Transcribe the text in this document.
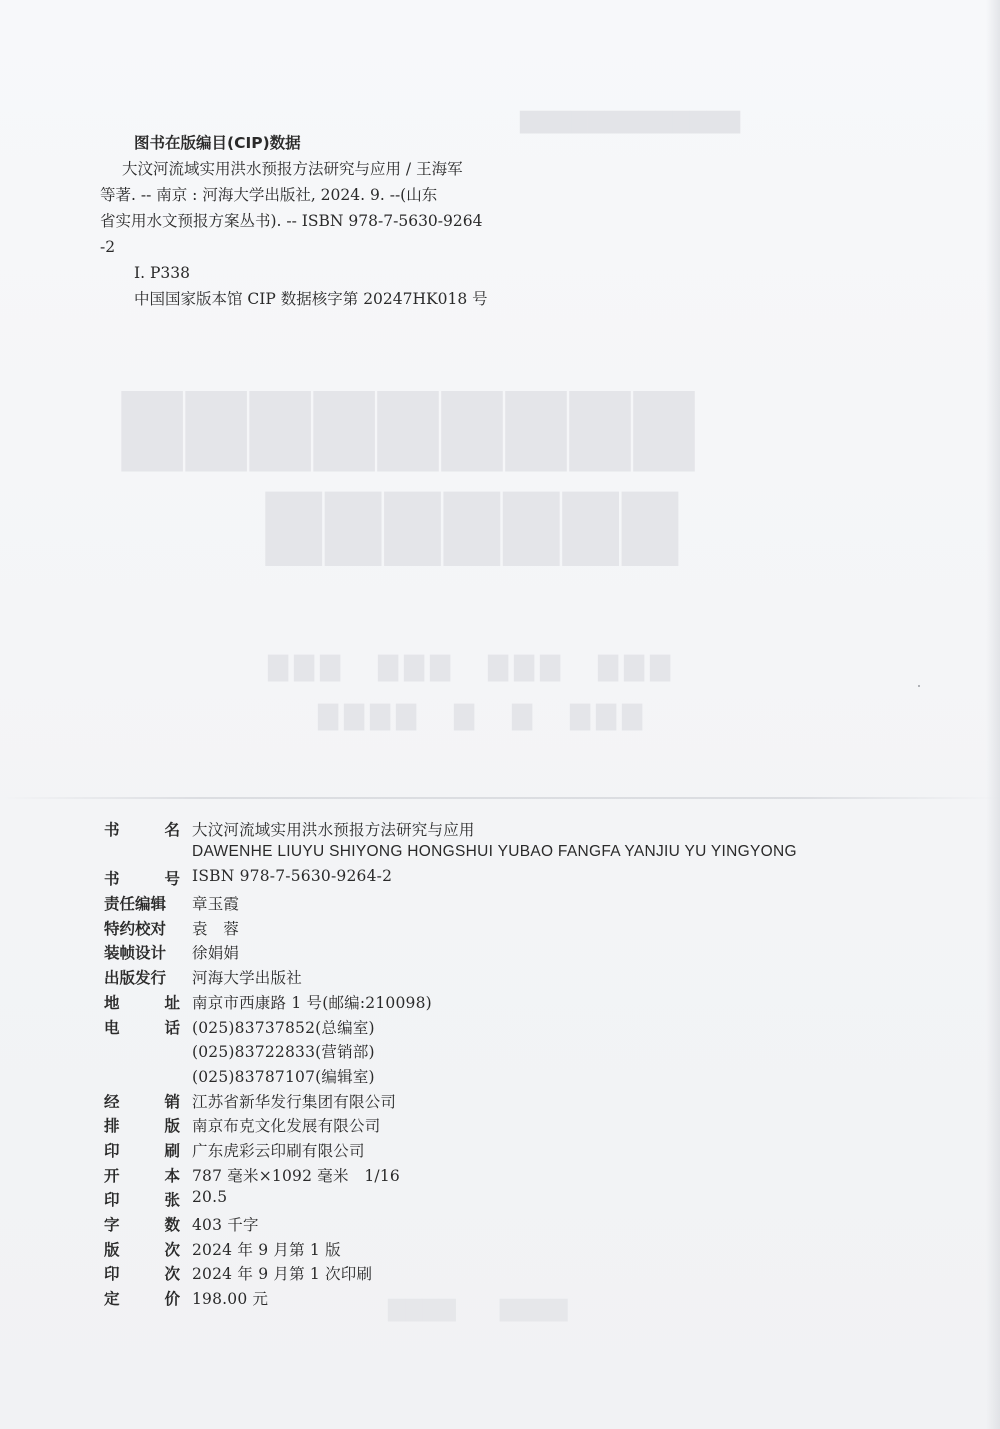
▇▇▇▇▇▇▇▇▇▇▇▇▇
▇▇▇▇▇▇▇▇▇
▇▇▇▇▇▇▇
▇▇▇　▇▇▇　▇▇▇　▇▇▇
▇▇▇　▇　▇　▇▇▇▇
▇▇▇▇　　▇▇▇▇
图书在版编目(CIP)数据
大汶河流域实用洪水预报方法研究与应用 / 王海军
等著. -- 南京 : 河海大学出版社, 2024. 9. --(山东
省实用水文预报方案丛书). -- ISBN 978-7-5630-9264
-2
Ⅰ. P338
中国国家版本馆 CIP 数据核字第 20247HK018 号
书	名 大汶河流域实用洪水预报方法研究与应用
DAWENHE LIUYU SHIYONG HONGSHUI YUBAO FANGFA YANJIU YU YINGYONG
书	号 ISBN 978-7-5630-9264-2
责任编辑 章玉霞
特约校对 袁　蓉
装帧设计 徐娟娟
出版发行 河海大学出版社
地	址 南京市西康路 1 号(邮编:210098)
电	话 (025)83737852(总编室)
(025)83722833(营销部)
(025)83787107(编辑室)
经	销 江苏省新华发行集团有限公司
排	版 南京布克文化发展有限公司
印	刷 广东虎彩云印刷有限公司
开	本 787 毫米×1092 毫米　1/16
印	张 20.5
字	数 403 千字
版	次 2024 年 9 月第 1 版
印	次 2024 年 9 月第 1 次印刷
定	价 198.00 元
